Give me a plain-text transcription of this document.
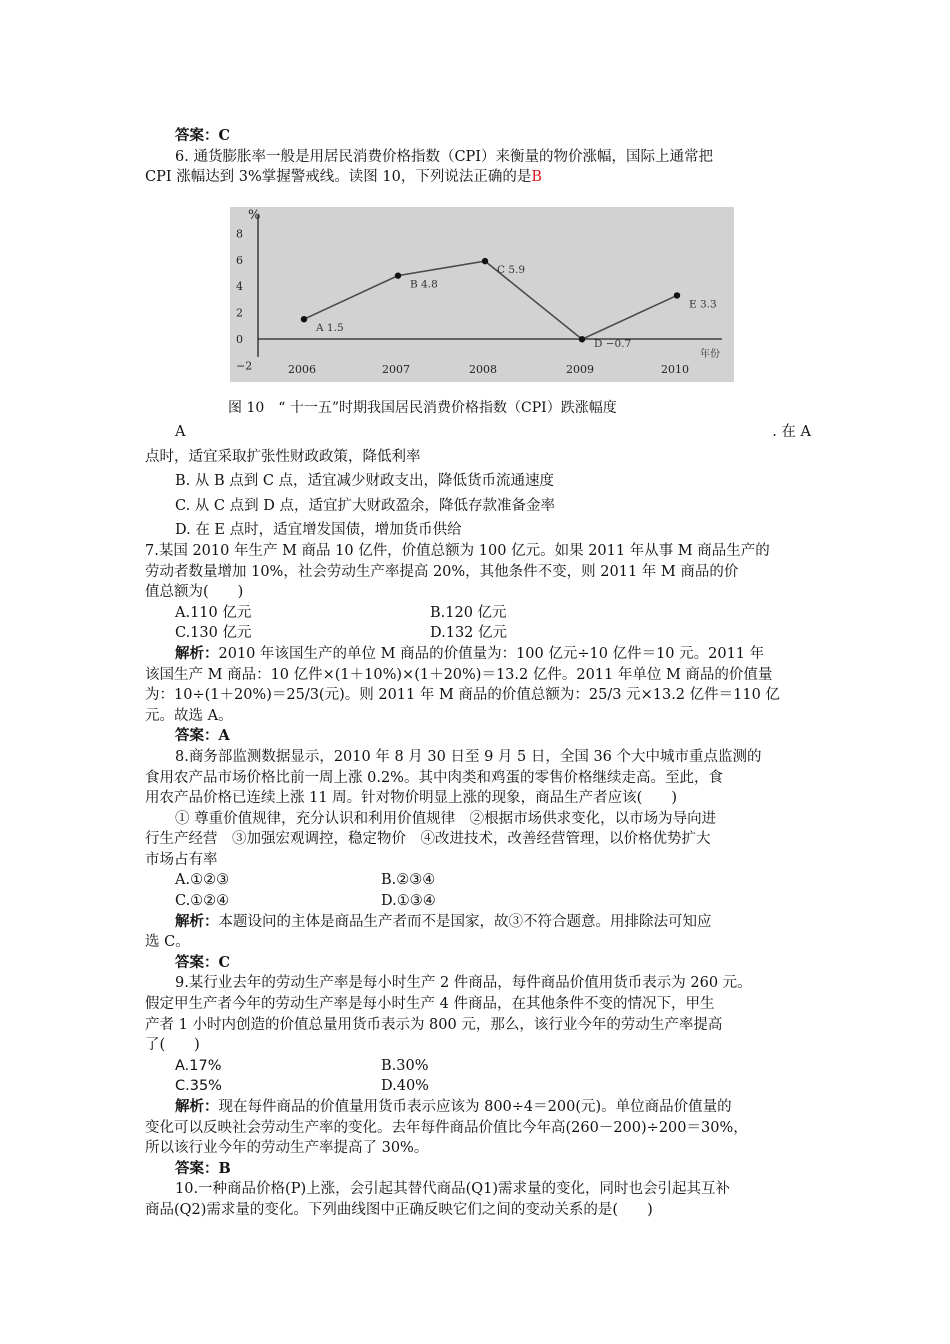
答案：C
6. 通货膨胀率一般是用居民消费价格指数（CPI）来衡量的物价涨幅，国际上通常把
CPI 涨幅达到 3%掌握警戒线。读图 10，下列说法正确的是B
%
年份
8
6
4
2
0
−2
A 1.5
2006
B 4.8
2007
C 5.9
2008
D −0.7
2009
E 3.3
2010
图 10　“ 十一五”时期我国居民消费价格指数（CPI）跌涨幅度
A	. 在 A
点时，适宜采取扩张性财政政策，降低利率
B. 从 B 点到 C 点，适宜减少财政支出，降低货币流通速度
C. 从 C 点到 D 点，适宜扩大财政盈余，降低存款准备金率
D. 在 E 点时，适宜增发国债，增加货币供给
7.某国 2010 年生产 M 商品 10 亿件，价值总额为 100 亿元。如果 2011 年从事 M 商品生产的
劳动者数量增加 10%，社会劳动生产率提高 20%，其他条件不变，则 2011 年 M 商品的价
值总额为(　　)
A.110 亿元	B.120 亿元
C.130 亿元	D.132 亿元
解析：2010 年该国生产的单位 M 商品的价值量为：100 亿元÷10 亿件＝10 元。2011 年
该国生产 M 商品：10 亿件×(1＋10%)×(1＋20%)＝13.2 亿件。2011 年单位 M 商品的价值量
为：10÷(1＋20%)＝25/3(元)。则 2011 年 M 商品的价值总额为：25/3 元×13.2 亿件＝110 亿
元。故选 A。
答案：A
8.商务部监测数据显示，2010 年 8 月 30 日至 9 月 5 日，全国 36 个大中城市重点监测的
食用农产品市场价格比前一周上涨 0.2%。其中肉类和鸡蛋的零售价格继续走高。至此，食
用农产品价格已连续上涨 11 周。针对物价明显上涨的现象，商品生产者应该(　　)
① 尊重价值规律，充分认识和利用价值规律　②根据市场供求变化，以市场为导向进
行生产经营　③加强宏观调控，稳定物价　④改进技术，改善经营管理，以价格优势扩大
市场占有率
A.①②③	B.②③④
C.①②④	D.①③④
解析：本题设问的主体是商品生产者而不是国家，故③不符合题意。用排除法可知应
选 C。
答案：C
9.某行业去年的劳动生产率是每小时生产 2 件商品，每件商品价值用货币表示为 260 元。
假定甲生产者今年的劳动生产率是每小时生产 4 件商品，在其他条件不变的情况下，甲生
产者 1 小时内创造的价值总量用货币表示为 800 元，那么，该行业今年的劳动生产率提高
了(　　)
A.17%	B.30%
C.35%	D.40%
解析：现在每件商品的价值量用货币表示应该为 800÷4＝200(元)。单位商品价值量的
变化可以反映社会劳动生产率的变化。去年每件商品价值比今年高(260－200)÷200＝30%，
所以该行业今年的劳动生产率提高了 30%。
答案：B
10.一种商品价格(P)上涨，会引起其替代商品(Q1)需求量的变化，同时也会引起其互补
商品(Q2)需求量的变化。下列曲线图中正确反映它们之间的变动关系的是(　　)
